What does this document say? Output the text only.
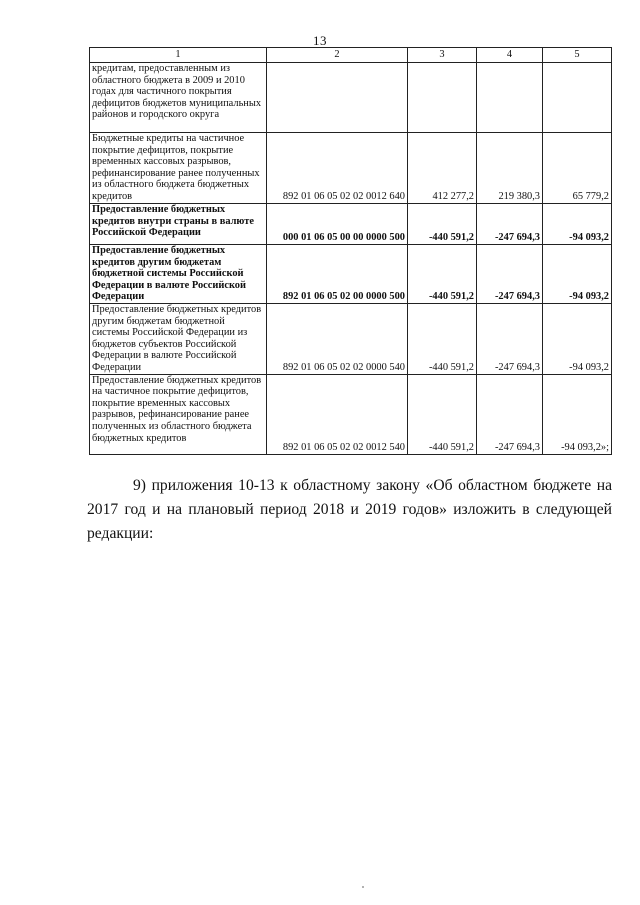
13
1	2	3	4	5
кредитам, предоставленным из областного бюджета в 2009 и 2010 годах для частичного покрытия дефицитов бюджетов муниципальных районов и городского округа				
Бюджетные кредиты на частичное покрытие дефицитов, покрытие временных кассовых разрывов, рефинансирование ранее полученных из областного бюджета бюджетных кредитов	892 01 06 05 02 02 0012 640	412 277,2	219 380,3	65 779,2
Предоставление бюджетных кредитов внутри страны в валюте Российской Федерации	000 01 06 05 00 00 0000 500	-440 591,2	-247 694,3	-94 093,2
Предоставление бюджетных кредитов другим бюджетам бюджетной системы Российской Федерации в валюте Российской Федерации	892 01 06 05 02 00 0000 500	-440 591,2	-247 694,3	-94 093,2
Предоставление бюджетных кредитов другим бюджетам бюджетной системы Российской Федерации из бюджетов субъектов Российской Федерации в валюте Российской Федерации	892 01 06 05 02 02 0000 540	-440 591,2	-247 694,3	-94 093,2
Предоставление бюджетных кредитов на частичное покрытие дефицитов, покрытие временных кассовых разрывов, рефинансирование ранее полученных из областного бюджета бюджетных кредитов	892 01 06 05 02 02 0012 540	-440 591,2	-247 694,3	-94 093,2»;

9) приложения 10-13 к областному закону «Об областном бюджете на 2017 год и на плановый период 2018 и 2019 годов» изложить в следующей редакции:
